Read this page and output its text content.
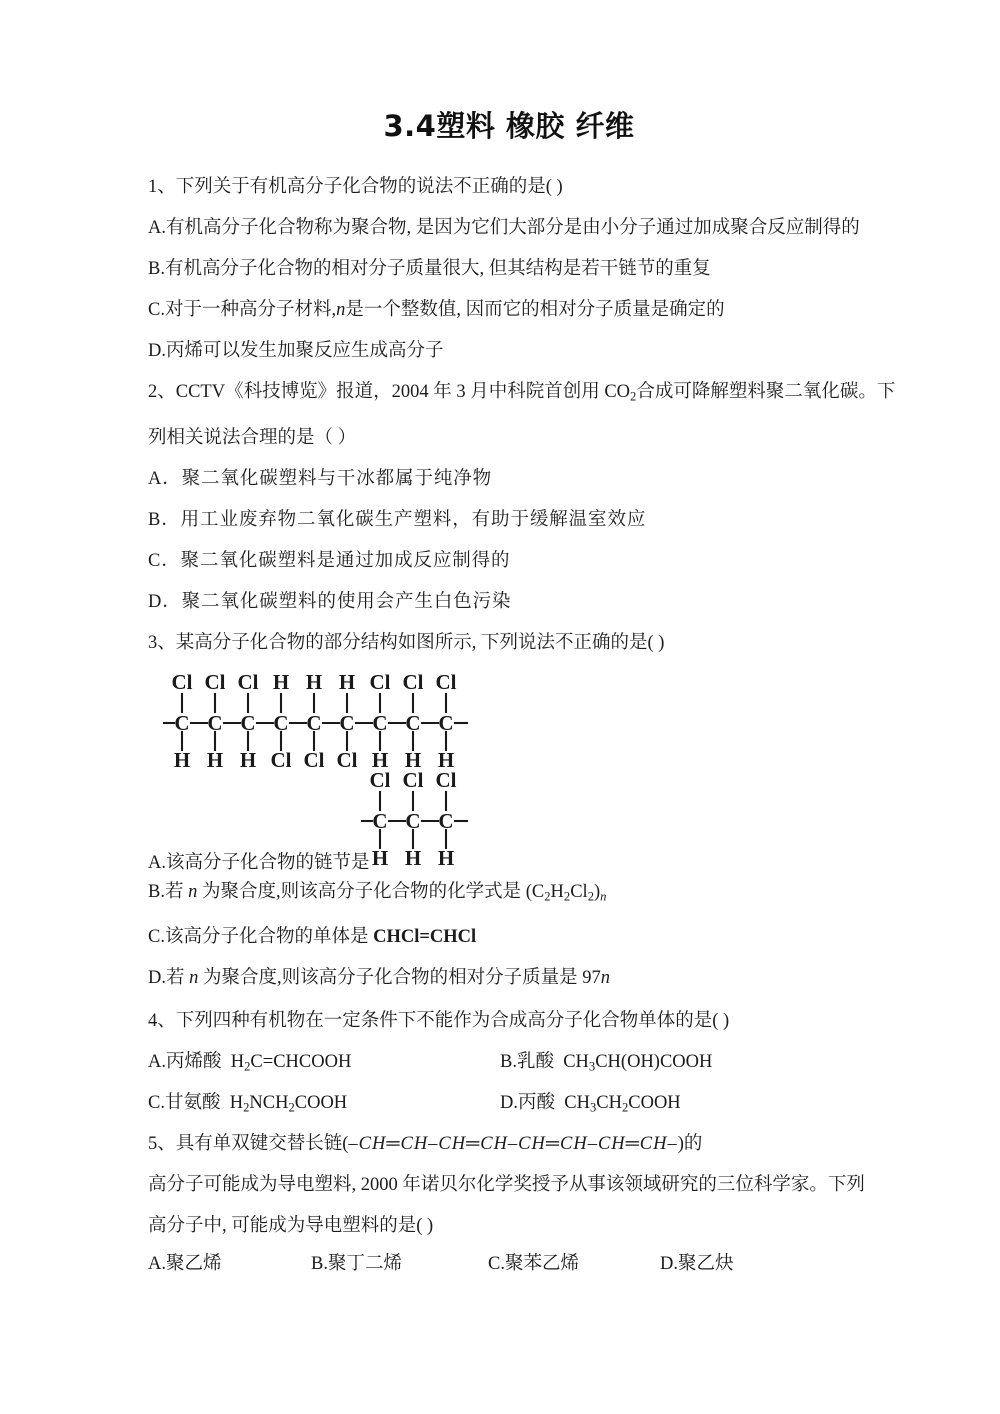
3.4塑料 橡胶 纤维
1、下列关于有机高分子化合物的说法不正确的是( )
A.有机高分子化合物称为聚合物, 是因为它们大部分是由小分子通过加成聚合反应制得的
B.有机高分子化合物的相对分子质量很大, 但其结构是若干链节的重复
C.对于一种高分子材料,n是一个整数值, 因而它的相对分子质量是确定的
D.丙烯可以发生加聚反应生成高分子
2、CCTV《科技博览》报道，2004 年 3 月中科院首创用 $CO_2$合成可降解塑料聚二氧化碳。下
列相关说法合理的是（ ）
A．聚二氧化碳塑料与干冰都属于纯净物
B．用工业废弃物二氧化碳生产塑料，有助于缓解温室效应
C．聚二氧化碳塑料是通过加成反应制得的
D．聚二氧化碳塑料的使用会产生白色污染
3、某高分子化合物的部分结构如图所示, 下列说法不正确的是( )
C C C C C C C C C
Cl Cl Cl H H H Cl Cl Cl
H H H Cl Cl Cl H H H
C C C
Cl Cl Cl
H H H
A.该高分子化合物的链节是
B.若 n 为聚合度,则该高分子化合物的化学式是 $(C_2H_2Cl_2)_n$
C.该高分子化合物的单体是 CHCl=CHCl
D.若 n 为聚合度,则该高分子化合物的相对分子质量是 97n
4、下列四种有机物在一定条件下不能作为合成高分子化合物单体的是( )
A.丙烯酸 $H_2C=CHCOOH$	B.乳酸 $CH_3CH(OH)COOH$
C.甘氨酸 $H_2NCH_2COOH$	D.丙酸 $CH_3CH_2COOH$
5、具有单双键交替长链(–CH═CH–CH═CH–CH═CH–CH═CH–)的
高分子可能成为导电塑料, 2000 年诺贝尔化学奖授予从事该领域研究的三位科学家。下列
高分子中, 可能成为导电塑料的是( )
A.聚乙烯	B.聚丁二烯	C.聚苯乙烯	D.聚乙炔
